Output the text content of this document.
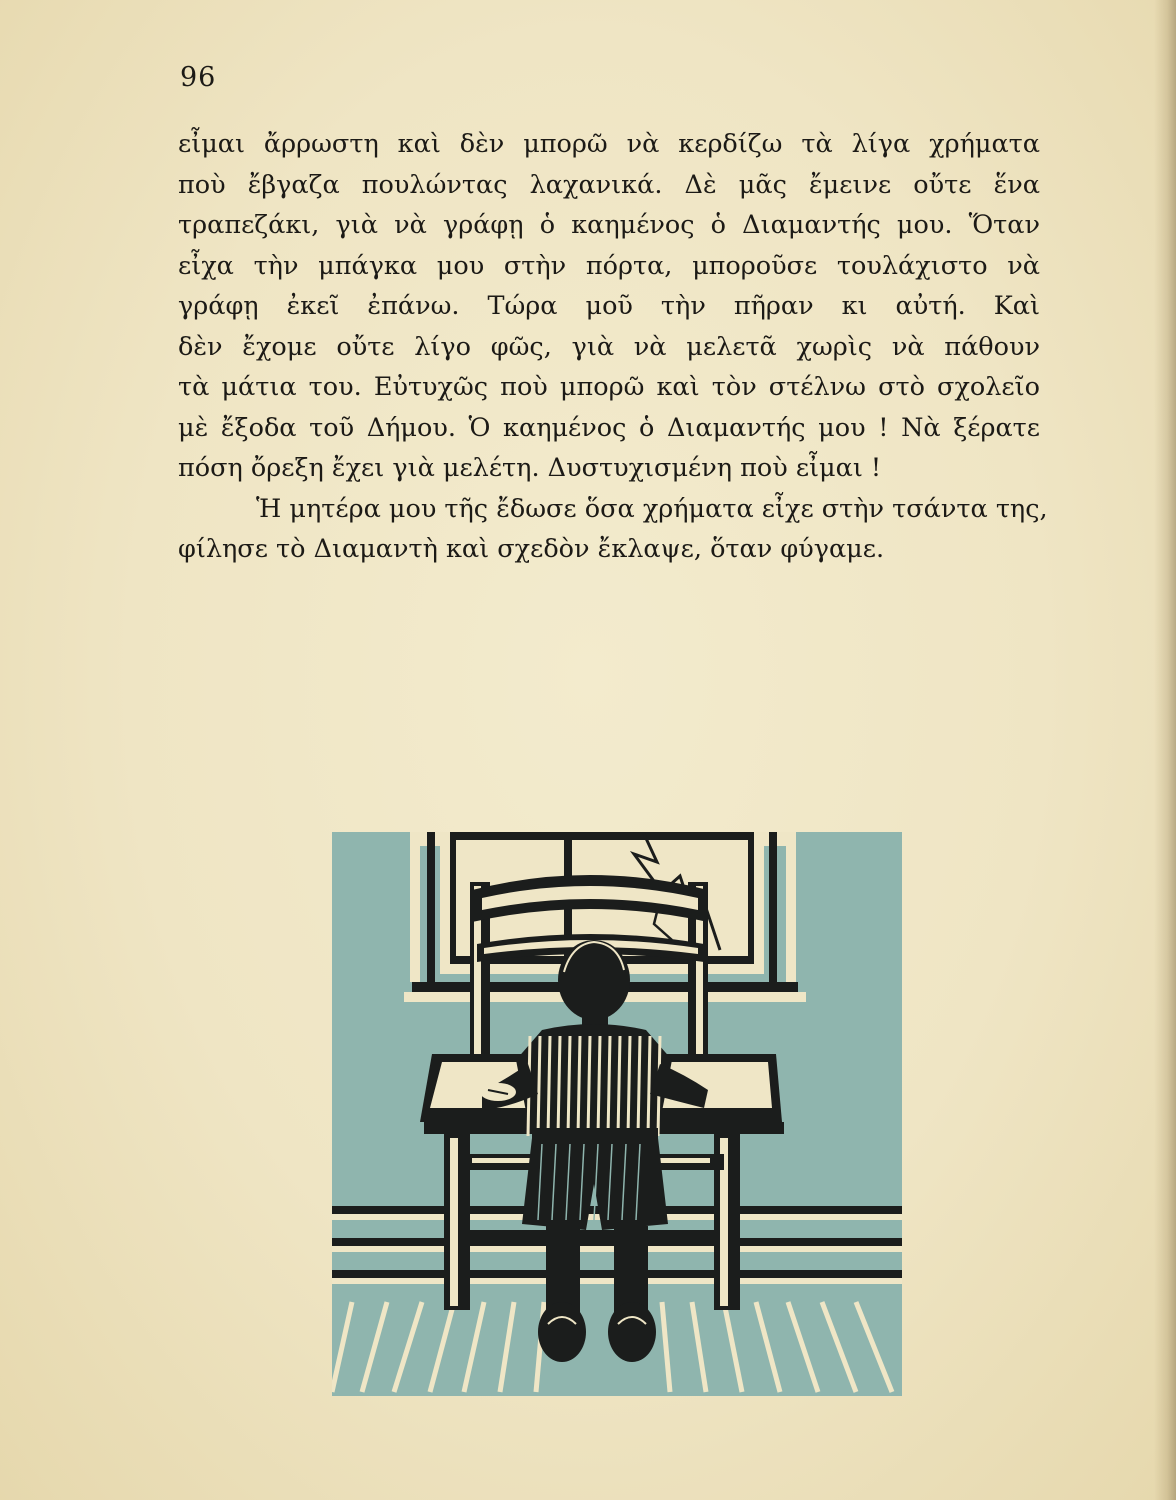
96
εἶμαι ἄρρωστη καὶ δὲν μπορῶ νὰ κερδίζω τὰ λίγα χρήματα
ποὺ ἔβγαζα πουλώντας λαχανικά. Δὲ μᾶς ἔμεινε οὔτε ἕνα
τραπεζάκι, γιὰ νὰ γράφῃ ὁ καημένος ὁ Διαμαντής μου. Ὅταν
εἶχα τὴν μπάγκα μου στὴν πόρτα, μποροῦσε τουλάχιστο νὰ
γράφῃ ἐκεῖ ἐπάνω. Τώρα μοῦ τὴν πῆραν κι αὐτή. Καὶ
δὲν ἔχομε οὔτε λίγο φῶς, γιὰ νὰ μελετᾶ χωρὶς νὰ πάθουν
τὰ μάτια του. Εὐτυχῶς ποὺ μπορῶ καὶ τὸν στέλνω στὸ σχολεῖο
μὲ ἔξοδα τοῦ Δήμου. Ὁ καημένος ὁ Διαμαντής μου ! Νὰ ξέρατε
πόση ὄρεξη ἔχει γιὰ μελέτη. Δυστυχισμένη ποὺ εἶμαι !
Ἡ μητέρα μου τῆς ἔδωσε ὅσα χρήματα εἶχε στὴν τσάντα της,
φίλησε τὸ Διαμαντὴ καὶ σχεδὸν ἔκλαψε, ὅταν φύγαμε.
